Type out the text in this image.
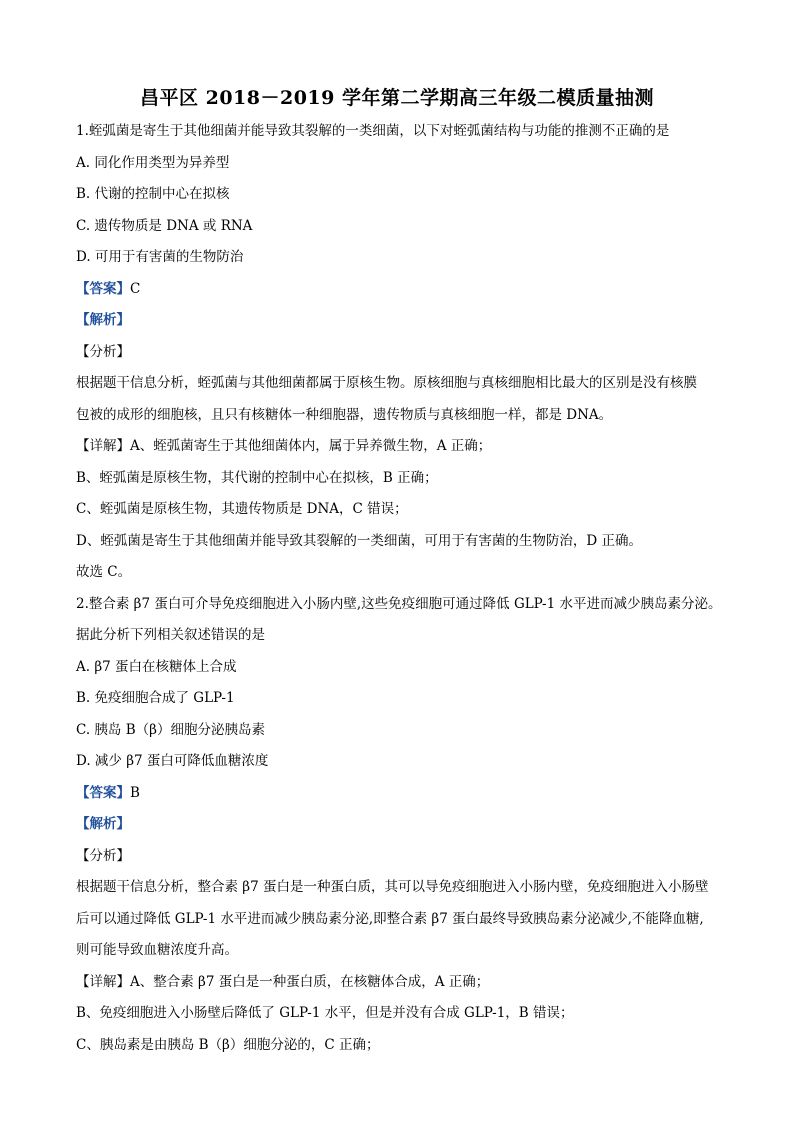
昌平区 2018－2019 学年第二学期高三年级二模质量抽测

1.蛭弧菌是寄生于其他细菌并能导致其裂解的一类细菌，以下对蛭弧菌结构与功能的推测不正确的是

A. 同化作用类型为异养型

B. 代谢的控制中心在拟核

C. 遗传物质是 DNA 或 RNA

D. 可用于有害菌的生物防治

【答案】C

【解析】

【分析】

根据题干信息分析，蛭弧菌与其他细菌都属于原核生物。原核细胞与真核细胞相比最大的区别是没有核膜

包被的成形的细胞核，且只有核糖体一种细胞器，遗传物质与真核细胞一样，都是 DNA。

【详解】A、蛭弧菌寄生于其他细菌体内，属于异养微生物，A 正确；

B、蛭弧菌是原核生物，其代谢的控制中心在拟核，B 正确；

C、蛭弧菌是原核生物，其遗传物质是 DNA，C 错误；

D、蛭弧菌是寄生于其他细菌并能导致其裂解的一类细菌，可用于有害菌的生物防治，D 正确。

故选 C。

2.整合素 β7 蛋白可介导免疫细胞进入小肠内壁,这些免疫细胞可通过降低 GLP-1 水平进而减少胰岛素分泌。

据此分析下列相关叙述错误的是

A. β7 蛋白在核糖体上合成

B. 免疫细胞合成了 GLP-1

C. 胰岛 B（β）细胞分泌胰岛素

D. 减少 β7 蛋白可降低血糖浓度

【答案】B

【解析】

【分析】

根据题干信息分析，整合素 β7 蛋白是一种蛋白质，其可以导免疫细胞进入小肠内壁，免疫细胞进入小肠壁

后可以通过降低 GLP-1 水平进而减少胰岛素分泌,即整合素 β7 蛋白最终导致胰岛素分泌减少,不能降血糖,

则可能导致血糖浓度升高。

【详解】A、整合素 β7 蛋白是一种蛋白质，在核糖体合成，A 正确；

B、免疫细胞进入小肠壁后降低了 GLP-1 水平，但是并没有合成 GLP-1，B 错误；

C、胰岛素是由胰岛 B（β）细胞分泌的，C 正确；
